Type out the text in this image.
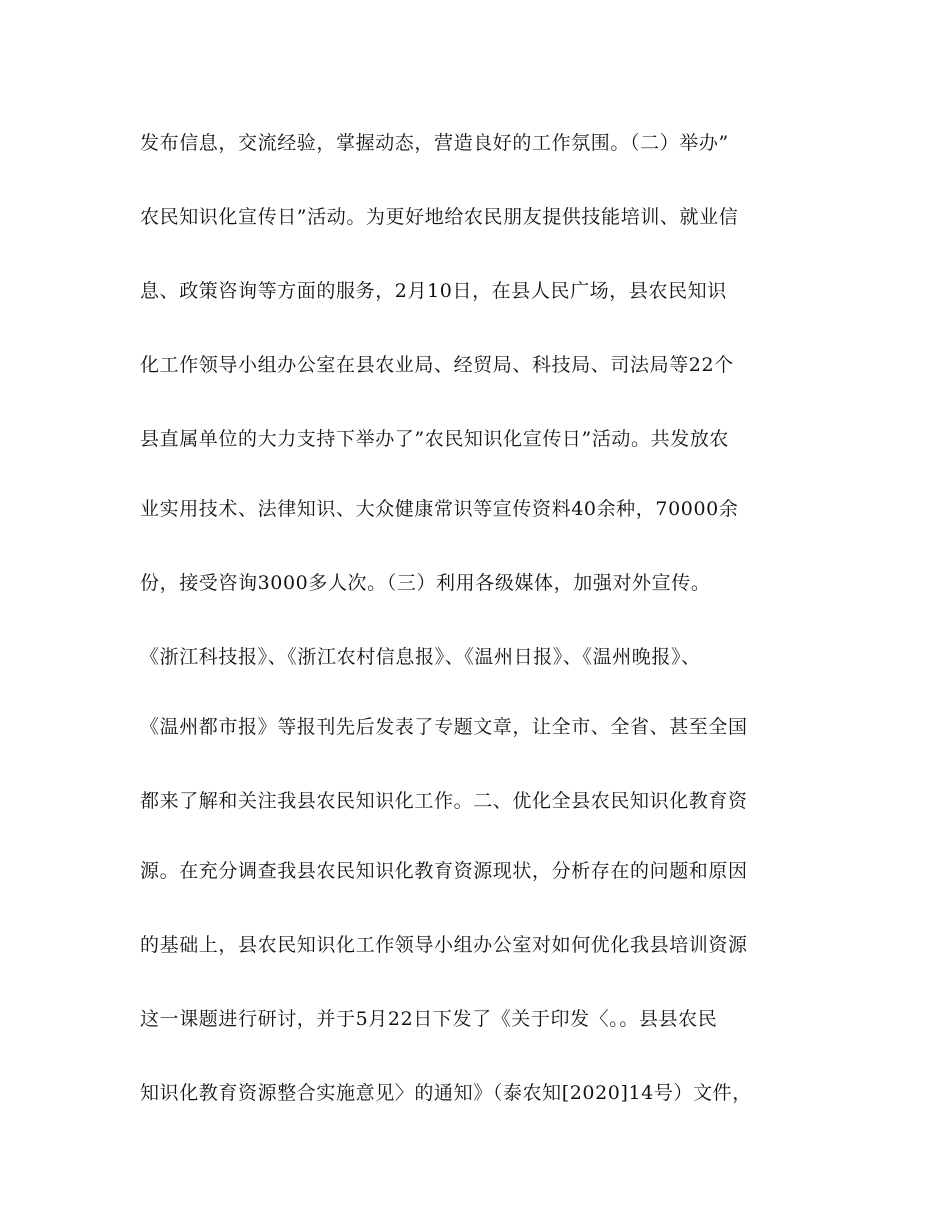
发布信息，交流经验，掌握动态，营造良好的工作氛围。（二）举办”
农民知识化宣传日”活动。为更好地给农民朋友提供技能培训、就业信
息、政策咨询等方面的服务，2月10日，在县人民广场，县农民知识
化工作领导小组办公室在县农业局、经贸局、科技局、司法局等22个
县直属单位的大力支持下举办了”农民知识化宣传日”活动。共发放农
业实用技术、法律知识、大众健康常识等宣传资料40余种，70000余
份，接受咨询3000多人次。（三）利用各级媒体，加强对外宣传。
《浙江科技报》、《浙江农村信息报》、《温州日报》、《温州晚报》、
《温州都市报》等报刊先后发表了专题文章，让全市、全省、甚至全国
都来了解和关注我县农民知识化工作。二、优化全县农民知识化教育资
源。在充分调查我县农民知识化教育资源现状，分析存在的问题和原因
的基础上，县农民知识化工作领导小组办公室对如何优化我县培训资源
这一课题进行研讨，并于5月22日下发了《关于印发〈。。县县农民
知识化教育资源整合实施意见〉的通知》（泰农知[2020]14号）文件，
